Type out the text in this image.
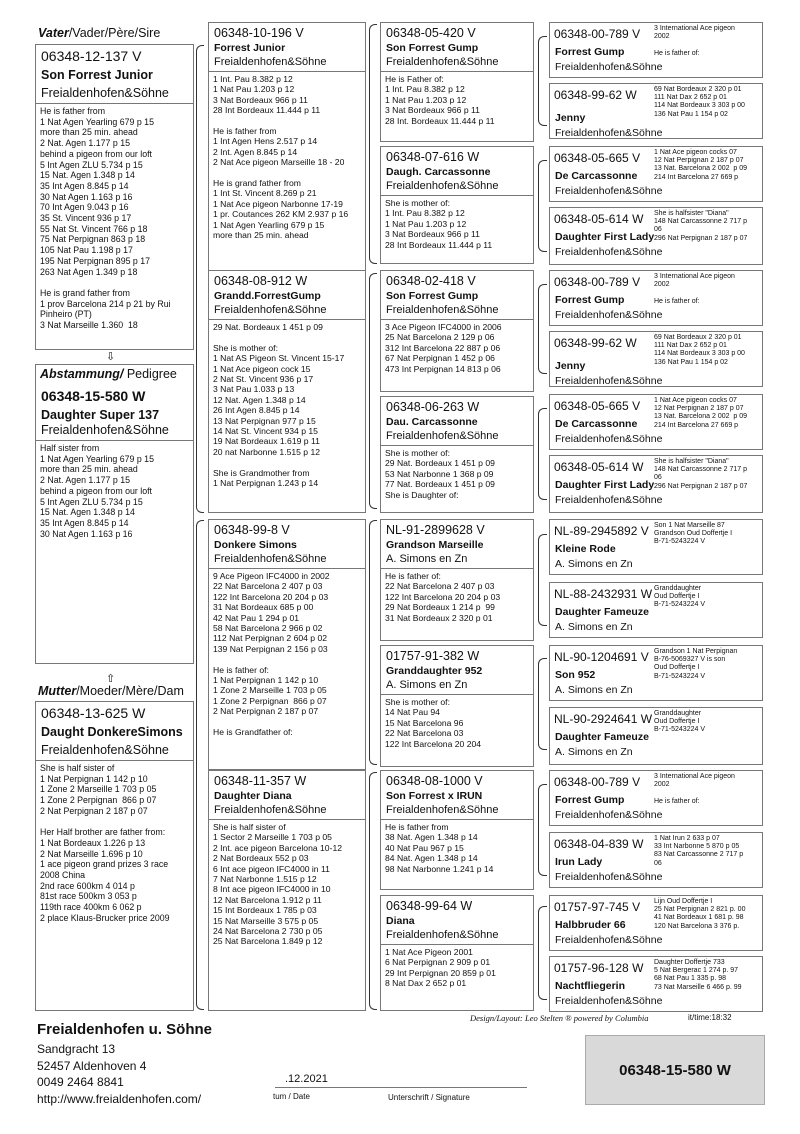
Vater/Vader/Père/Sire
06348-12-137 V
Son Forrest Junior
Freialdenhofen&Söhne
He is father from
1 Nat Agen Yearling 679 p 15
more than 25 min. ahead
2 Nat. Agen 1.177 p 15
behind a pigeon from our loft
5 Int Agen ZLU 5.734 p 15
15 Nat. Agen 1.348 p 14
35 Int Agen 8.845 p 14
30 Nat Agen 1.163 p 16
70 Int Agen 9.043 p 16
35 St. Vincent 936 p 17
55 Nat St. Vincent 766 p 18
75 Nat Perpignan 863 p 18
105 Nat Pau 1.198 p 17
195 Nat Perpignan 895 p 17
263 Nat Agen 1.349 p 18

He is grand father from
1 prov Barcelona 214 p 21 by Rui
Pinheiro (PT)
3 Nat Marseille 1.360  18
⇩
Abstammung/ Pedigree
06348-15-580 W
Daughter Super 137
Freialdenhofen&Söhne
Half sister from
1 Nat Agen Yearling 679 p 15
more than 25 min. ahead
2 Nat. Agen 1.177 p 15
behind a pigeon from our loft
5 Int Agen ZLU 5.734 p 15
15 Nat. Agen 1.348 p 14
35 Int Agen 8.845 p 14
30 Nat Agen 1.163 p 16
⇧
Mutter/Moeder/Mère/Dam
06348-13-625 W
Daught DonkereSimons
Freialdenhofen&Söhne
She is half sister of
1 Nat Perpignan 1 142 p 10
1 Zone 2 Marseille 1 703 p 05
1 Zone 2 Perpignan  866 p 07
2 Nat Perpignan 2 187 p 07

Her Half brother are father from:
1 Nat Bordeaux 1.226 p 13
2 Nat Marseille 1.696 p 10
1 ace pigeon grand prizes 3 race
2008 China
2nd race 600km 4 014 p
81st race 500km 3 053 p
119th race 400km 6 062 p
2 place Klaus-Brucker price 2009
06348-10-196 V
Forrest Junior
Freialdenhofen&Söhne
1 Int. Pau 8.382 p 12
1 Nat Pau 1.203 p 12
3 Nat Bordeaux 966 p 11
28 Int Bordeaux 11.444 p 11

He is father from
1 Int Agen Hens 2.517 p 14
2 Int. Agen 8.845 p 14
2 Nat Ace pigeon Marseille 18 - 20

He is grand father from
1 Int St. Vincent 8.269 p 21
1 Nat Ace pigeon Narbonne 17-19
1 pr. Coutances 262 KM 2.937 p 16
1 Nat Agen Yearling 679 p 15
more than 25 min. ahead
06348-08-912 W
Grandd.ForrestGump
Freialdenhofen&Söhne
29 Nat. Bordeaux 1 451 p 09

She is mother of:
1 Nat AS Pigeon St. Vincent 15-17
1 Nat Ace pigeon cock 15
2 Nat St. Vincent 936 p 17
3 Nat Pau 1.033 p 13
12 Nat. Agen 1.348 p 14
26 Int Agen 8.845 p 14
13 Nat Perpignan 977 p 15
14 Nat St. Vincent 934 p 15
19 Nat Bordeaux 1.619 p 11
20 nat Narbonne 1.515 p 12

She is Grandmother from
1 Nat Perpignan 1.243 p 14
06348-99-8 V
Donkere Simons
Freialdenhofen&Söhne
9 Ace Pigeon IFC4000 in 2002
22 Nat Barcelona 2 407 p 03
122 Int Barcelona 20 204 p 03
31 Nat Bordeaux 685 p 00
42 Nat Pau 1 294 p 01
58 Nat Barcelona 2 966 p 02
112 Nat Perpignan 2 604 p 02
139 Nat Perpignan 2 156 p 03

He is father of:
1 Nat Perpignan 1 142 p 10
1 Zone 2 Marseille 1 703 p 05
1 Zone 2 Perpignan  866 p 07
2 Nat Perpignan 2 187 p 07

He is Grandfather of:
06348-11-357 W
Daughter Diana
Freialdenhofen&Söhne
She is half sister of
1 Sector 2 Marseille 1 703 p 05
2 Int. ace pigeon Barcelona 10-12
2 Nat Bordeaux 552 p 03
6 Int ace pigeon IFC4000 in 11
7 Nat Narbonne 1.515 p 12
8 Int ace pigeon IFC4000 in 10
12 Nat Barcelona 1.912 p 11
15 Int Bordeaux 1 785 p 03
15 Nat Marseille 3 575 p 05
24 Nat Barcelona 2 730 p 05
25 Nat Barcelona 1.849 p 12
06348-05-420 V
Son Forrest Gump
Freialdenhofen&Söhne
He is Father of:
1 Int. Pau 8.382 p 12
1 Nat Pau 1.203 p 12
3 Nat Bordeaux 966 p 11
28 Int. Bordeaux 11.444 p 11
06348-07-616 W
Daugh. Carcassonne
Freialdenhofen&Söhne
She is mother of:
1 Int. Pau 8.382 p 12
1 Nat Pau 1.203 p 12
3 Nat Bordeaux 966 p 11
28 Int Bordeaux 11.444 p 11
06348-02-418 V
Son Forrest Gump
Freialdenhofen&Söhne
3 Ace Pigeon IFC4000 in 2006
25 Nat Barcelona 2 129 p 06
312 Int Barcelona 22 887 p 06
67 Nat Perpignan 1 452 p 06
473 Int Perpignan 14 813 p 06
06348-06-263 W
Dau. Carcassonne
Freialdenhofen&Söhne
She is mother of:
29 Nat. Bordeaux 1 451 p 09
53 Nat Narbonne 1 368 p 09
77 Nat. Bordeaux 1 451 p 09
She is Daughter of:
NL-91-2899628 V
Grandson Marseille
A. Simons en Zn
He is father of:
22 Nat Barcelona 2 407 p 03
122 Int Barcelona 20 204 p 03
29 Nat Bordeaux 1 214 p  99
31 Nat Bordeaux 2 320 p 01
01757-91-382 W
Granddaughter 952
A. Simons en Zn
She is mother of:
14 Nat Pau 94
15 Nat Barcelona 96
22 Nat Barcelona 03
122 Int Barcelona 20 204
06348-08-1000 V
Son Forrest x IRUN
Freialdenhofen&Söhne
He is father from
38 Nat. Agen 1.348 p 14
40 Nat Pau 967 p 15
84 Nat. Agen 1.348 p 14
98 Nat Narbonne 1.241 p 14
06348-99-64 W
Diana
Freialdenhofen&Söhne
1 Nat Ace Pigeon 2001
6 Nat Perpignan 2 909 p 01
29 Int Perpignan 20 859 p 01
8 Nat Dax 2 652 p 01
06348-00-789 V	3 International Ace pigeon
2002

He is father of:
Forrest Gump
Freialdenhofen&Söhne
06348-99-62 W	69 Nat Bordeaux 2 320 p 01
111 Nat Dax 2 652 p 01
114 Nat Bordeaux 3 303 p 00
136 Nat Pau 1 154 p 02
Jenny
Freialdenhofen&Söhne
06348-05-665 V	1 Nat Ace pigeon cocks 07
12 Nat Perpignan 2 187 p 07
13 Nat. Barcelona 2 002  p 09
214 Int Barcelona 27 669 p
De Carcassonne
Freialdenhofen&Söhne
06348-05-614 W	She is halfsister "Diana"
148 Nat Carcassonne 2 717 p
06
296 Nat Perpignan 2 187 p 07
Daughter First Lady
Freialdenhofen&Söhne
06348-00-789 V	3 International Ace pigeon
2002

He is father of:
Forrest Gump
Freialdenhofen&Söhne
06348-99-62 W	69 Nat Bordeaux 2 320 p 01
111 Nat Dax 2 652 p 01
114 Nat Bordeaux 3 303 p 00
136 Nat Pau 1 154 p 02
Jenny
Freialdenhofen&Söhne
06348-05-665 V	1 Nat Ace pigeon cocks 07
12 Nat Perpignan 2 187 p 07
13 Nat. Barcelona 2 002  p 09
214 Int Barcelona 27 669 p
De Carcassonne
Freialdenhofen&Söhne
06348-05-614 W	She is halfsister "Diana"
148 Nat Carcassonne 2 717 p
06
296 Nat Perpignan 2 187 p 07
Daughter First Lady
Freialdenhofen&Söhne
NL-89-2945892 V Son 1 Nat Marseille 87
Grandson Oud Doffertje I
B-71-5243224 V
Kleine Rode
A. Simons en Zn
NL-88-2432931 W Granddaughter
Oud Doffertje I
B-71-5243224 V
Daughter Fameuze
A. Simons en Zn
NL-90-1204691 V Grandson 1 Nat Perpignan
B-76-5069327 V is son
Oud Doffertje I
B-71-5243224 V
Son 952
A. Simons en Zn
NL-90-2924641 W Granddaughter
Oud Doffertje I
B-71-5243224 V
Daughter Fameuze
A. Simons en Zn
06348-00-789 V	3 International Ace pigeon
2002

He is father of:
Forrest Gump
Freialdenhofen&Söhne
06348-04-839 W	1 Nat Irun 2 633 p 07
33 Int Narbonne 5 870 p 05
83 Nat Carcassonne 2 717 p
06
Irun Lady
Freialdenhofen&Söhne
01757-97-745 V	Lijn Oud Doffertje I
25 Nat Perpignan 2 821 p. 00
41 Nat Bordeaux 1 681 p. 98
120 Nat Barcelona 3 376 p.
Halbbruder 66
Freialdenhofen&Söhne
01757-96-128 W	Daughter Doffertje 733
5 Nat Bergerac 1 274 p. 97
68 Nat Pau 1 335 p. 98
73 Nat Marseille 6 466 p. 99
Nachtfliegerin
Freialdenhofen&Söhne
Design/Layout: Leo Stelten ® powered by Columbia	it/time:18:32
Freialdenhofen u. Söhne
Sandgracht 13
52457 Aldenhoven 4
0049 2464 8841
http://www.freialdenhofen.com/
.12.2021
tum / Date	Unterschrift / Signature
06348-15-580 W
